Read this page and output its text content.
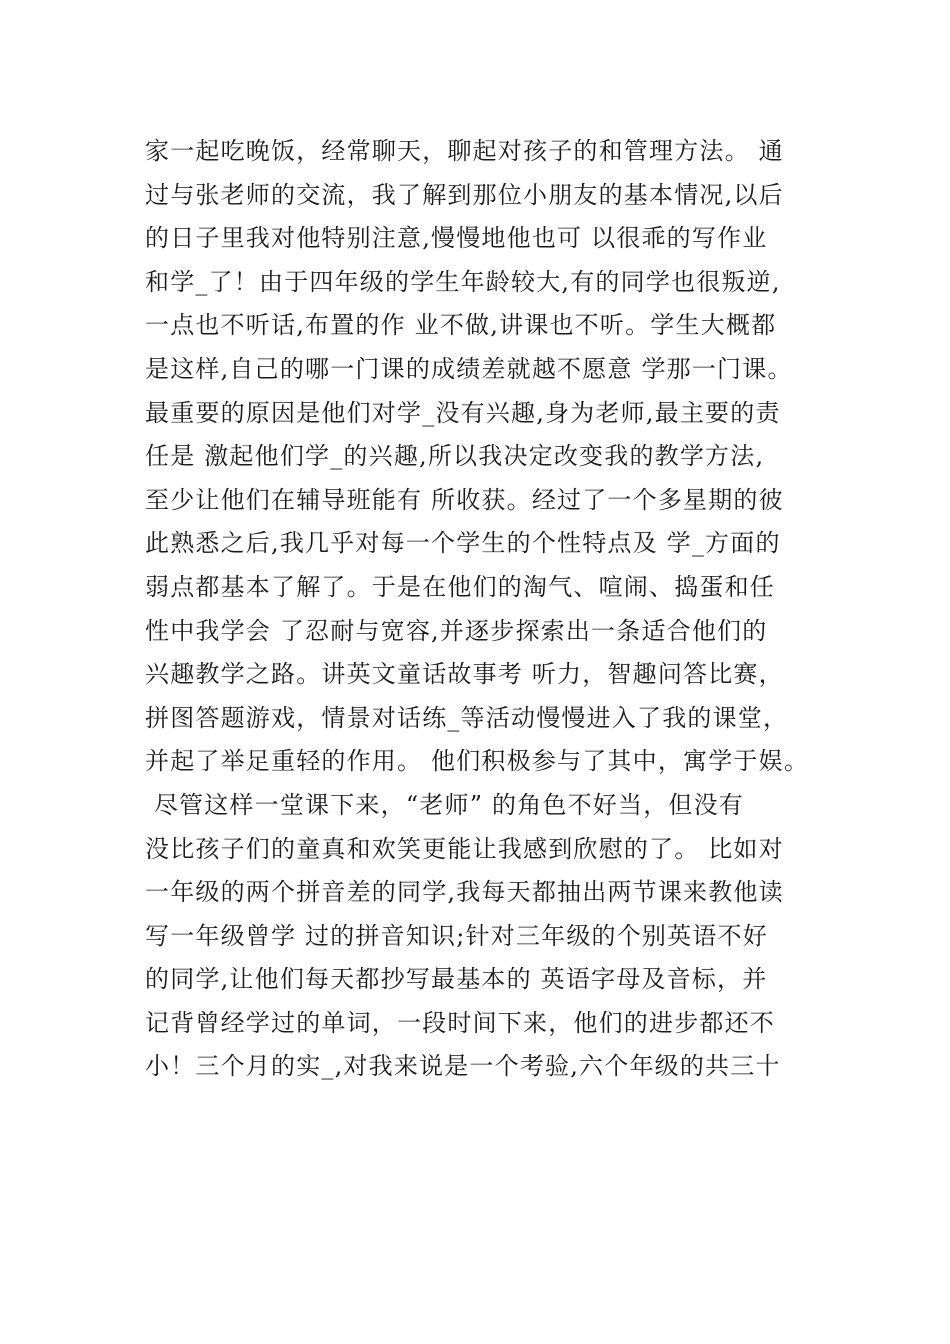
家一起吃晚饭，经常聊天，聊起对孩子的和管理方法。 通
过与张老师的交流，我了解到那位小朋友的基本情况,以后
的日子里我对他特别注意,慢慢地他也可 以很乖的写作业
和学_了！由于四年级的学生年龄较大,有的同学也很叛逆,
一点也不听话,布置的作 业不做,讲课也不听。学生大概都
是这样,自己的哪一门课的成绩差就越不愿意 学那一门课。
最重要的原因是他们对学_没有兴趣,身为老师,最主要的责
任是 激起他们学_的兴趣,所以我决定改变我的教学方法,
至少让他们在辅导班能有 所收获。经过了一个多星期的彼
此熟悉之后,我几乎对每一个学生的个性特点及 学_方面的
弱点都基本了解了。于是在他们的淘气、喧闹、捣蛋和任
性中我学会 了忍耐与宽容,并逐步探索出一条适合他们的
兴趣教学之路。讲英文童话故事考 听力，智趣问答比赛，
拼图答题游戏，情景对话练_等活动慢慢进入了我的课堂，
并起了举足重轻的作用。 他们积极参与了其中，寓学于娱。
尽管这样一堂课下来，“老师” 的角色不好当，但没有
没比孩子们的童真和欢笑更能让我感到欣慰的了。 比如对
一年级的两个拼音差的同学,我每天都抽出两节课来教他读
写一年级曾学 过的拼音知识;针对三年级的个别英语不好
的同学,让他们每天都抄写最基本的 英语字母及音标，并
记背曾经学过的单词，一段时间下来，他们的进步都还不
小！三个月的实_,对我来说是一个考验,六个年级的共三十
